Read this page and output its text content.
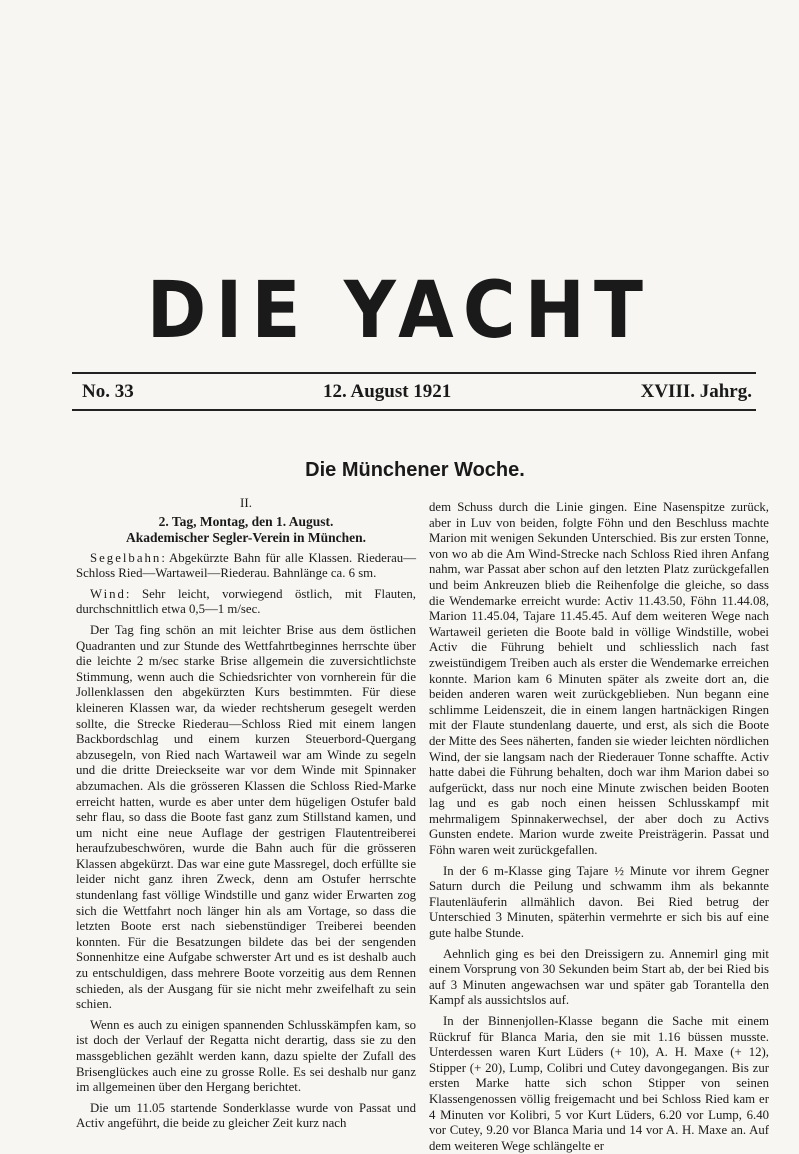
DIE YACHT
No. 33	12. August 1921	XVIII. Jahrg.
Die Münchener Woche.

II.

2. Tag, Montag, den 1. August.

Akademischer Segler-Verein in München.

Segelbahn: Abgekürzte Bahn für alle Klassen. Riederau—Schloss Ried—Wartaweil—Riederau. Bahnlänge ca. 6 sm.

Wind: Sehr leicht, vorwiegend östlich, mit Flauten, durchschnittlich etwa 0,5—1 m/sec.

Der Tag fing schön an mit leichter Brise aus dem östlichen Quadranten und zur Stunde des Wettfahrtbeginnes herrschte über die leichte 2 m/sec starke Brise allgemein die zuversichtlichste Stimmung, wenn auch die Schiedsrichter von vornherein für die Jollenklassen den abgekürzten Kurs bestimmten. Für diese kleineren Klassen war, da wieder rechtsherum gesegelt werden sollte, die Strecke Riederau—Schloss Ried mit einem langen Backbordschlag und einem kurzen Steuerbord-Quergang abzusegeln, von Ried nach Wartaweil war am Winde zu segeln und die dritte Dreieckseite war vor dem Winde mit Spinnaker abzumachen. Als die grösseren Klassen die Schloss Ried-Marke erreicht hatten, wurde es aber unter dem hügeligen Ostufer bald sehr flau, so dass die Boote fast ganz zum Stillstand kamen, und um nicht eine neue Auflage der gestrigen Flautentreiberei heraufzubeschwören, wurde die Bahn auch für die grösseren Klassen abgekürzt. Das war eine gute Massregel, doch erfüllte sie leider nicht ganz ihren Zweck, denn am Ostufer herrschte stundenlang fast völlige Windstille und ganz wider Erwarten zog sich die Wettfahrt noch länger hin als am Vortage, so dass die letzten Boote erst nach siebenstündiger Treiberei beenden konnten. Für die Besatzungen bildete das bei der sengenden Sonnenhitze eine Aufgabe schwerster Art und es ist deshalb auch zu entschuldigen, dass mehrere Boote vorzeitig aus dem Rennen schieden, als der Ausgang für sie nicht mehr zweifelhaft zu sein schien.

Wenn es auch zu einigen spannenden Schlusskämpfen kam, so ist doch der Verlauf der Regatta nicht derartig, dass sie zu den massgeblichen gezählt werden kann, dazu spielte der Zufall des Brisenglückes auch eine zu grosse Rolle. Es sei deshalb nur ganz im allgemeinen über den Hergang berichtet.

Die um 11.05 startende Sonderklasse wurde von Passat und Activ angeführt, die beide zu gleicher Zeit kurz nach

dem Schuss durch die Linie gingen. Eine Nasenspitze zurück, aber in Luv von beiden, folgte Föhn und den Beschluss machte Marion mit wenigen Sekunden Unterschied. Bis zur ersten Tonne, von wo ab die Am Wind-Strecke nach Schloss Ried ihren Anfang nahm, war Passat aber schon auf den letzten Platz zurückgefallen und beim Ankreuzen blieb die Reihenfolge die gleiche, so dass die Wendemarke erreicht wurde: Activ 11.43.50, Föhn 11.44.08, Marion 11.45.04, Tajare 11.45.45. Auf dem weiteren Wege nach Wartaweil gerieten die Boote bald in völlige Windstille, wobei Activ die Führung behielt und schliesslich nach fast zweistündigem Treiben auch als erster die Wendemarke erreichen konnte. Marion kam 6 Minuten später als zweite dort an, die beiden anderen waren weit zurückgeblieben. Nun begann eine schlimme Leidenszeit, die in einem langen hartnäckigen Ringen mit der Flaute stundenlang dauerte, und erst, als sich die Boote der Mitte des Sees näherten, fanden sie wieder leichten nördlichen Wind, der sie langsam nach der Riederauer Tonne schaffte. Activ hatte dabei die Führung behalten, doch war ihm Marion dabei so aufgerückt, dass nur noch eine Minute zwischen beiden Booten lag und es gab noch einen heissen Schlusskampf mit mehrmaligem Spinnakerwechsel, der aber doch zu Activs Gunsten endete. Marion wurde zweite Preisträgerin. Passat und Föhn waren weit zurückgefallen.

In der 6 m-Klasse ging Tajare ½ Minute vor ihrem Gegner Saturn durch die Peilung und schwamm ihm als bekannte Flautenläuferin allmählich davon. Bei Ried betrug der Unterschied 3 Minuten, späterhin vermehrte er sich bis auf eine gute halbe Stunde.

Aehnlich ging es bei den Dreissigern zu. Annemirl ging mit einem Vorsprung von 30 Sekunden beim Start ab, der bei Ried bis auf 3 Minuten angewachsen war und später gab Torantella den Kampf als aussichtslos auf.

In der Binnenjollen-Klasse begann die Sache mit einem Rückruf für Blanca Maria, den sie mit 1.16 büssen musste. Unterdessen waren Kurt Lüders (+ 10), A. H. Maxe (+ 12), Stipper (+ 20), Lump, Colibri und Cutey davongegangen. Bis zur ersten Marke hatte sich schon Stipper von seinen Klassengenossen völlig freigemacht und bei Schloss Ried kam er 4 Minuten vor Kolibri, 5 vor Kurt Lüders, 6.20 vor Lump, 6.40 vor Cutey, 9.20 vor Blanca Maria und 14 vor A. H. Maxe an. Auf dem weiteren Wege schlängelte er
